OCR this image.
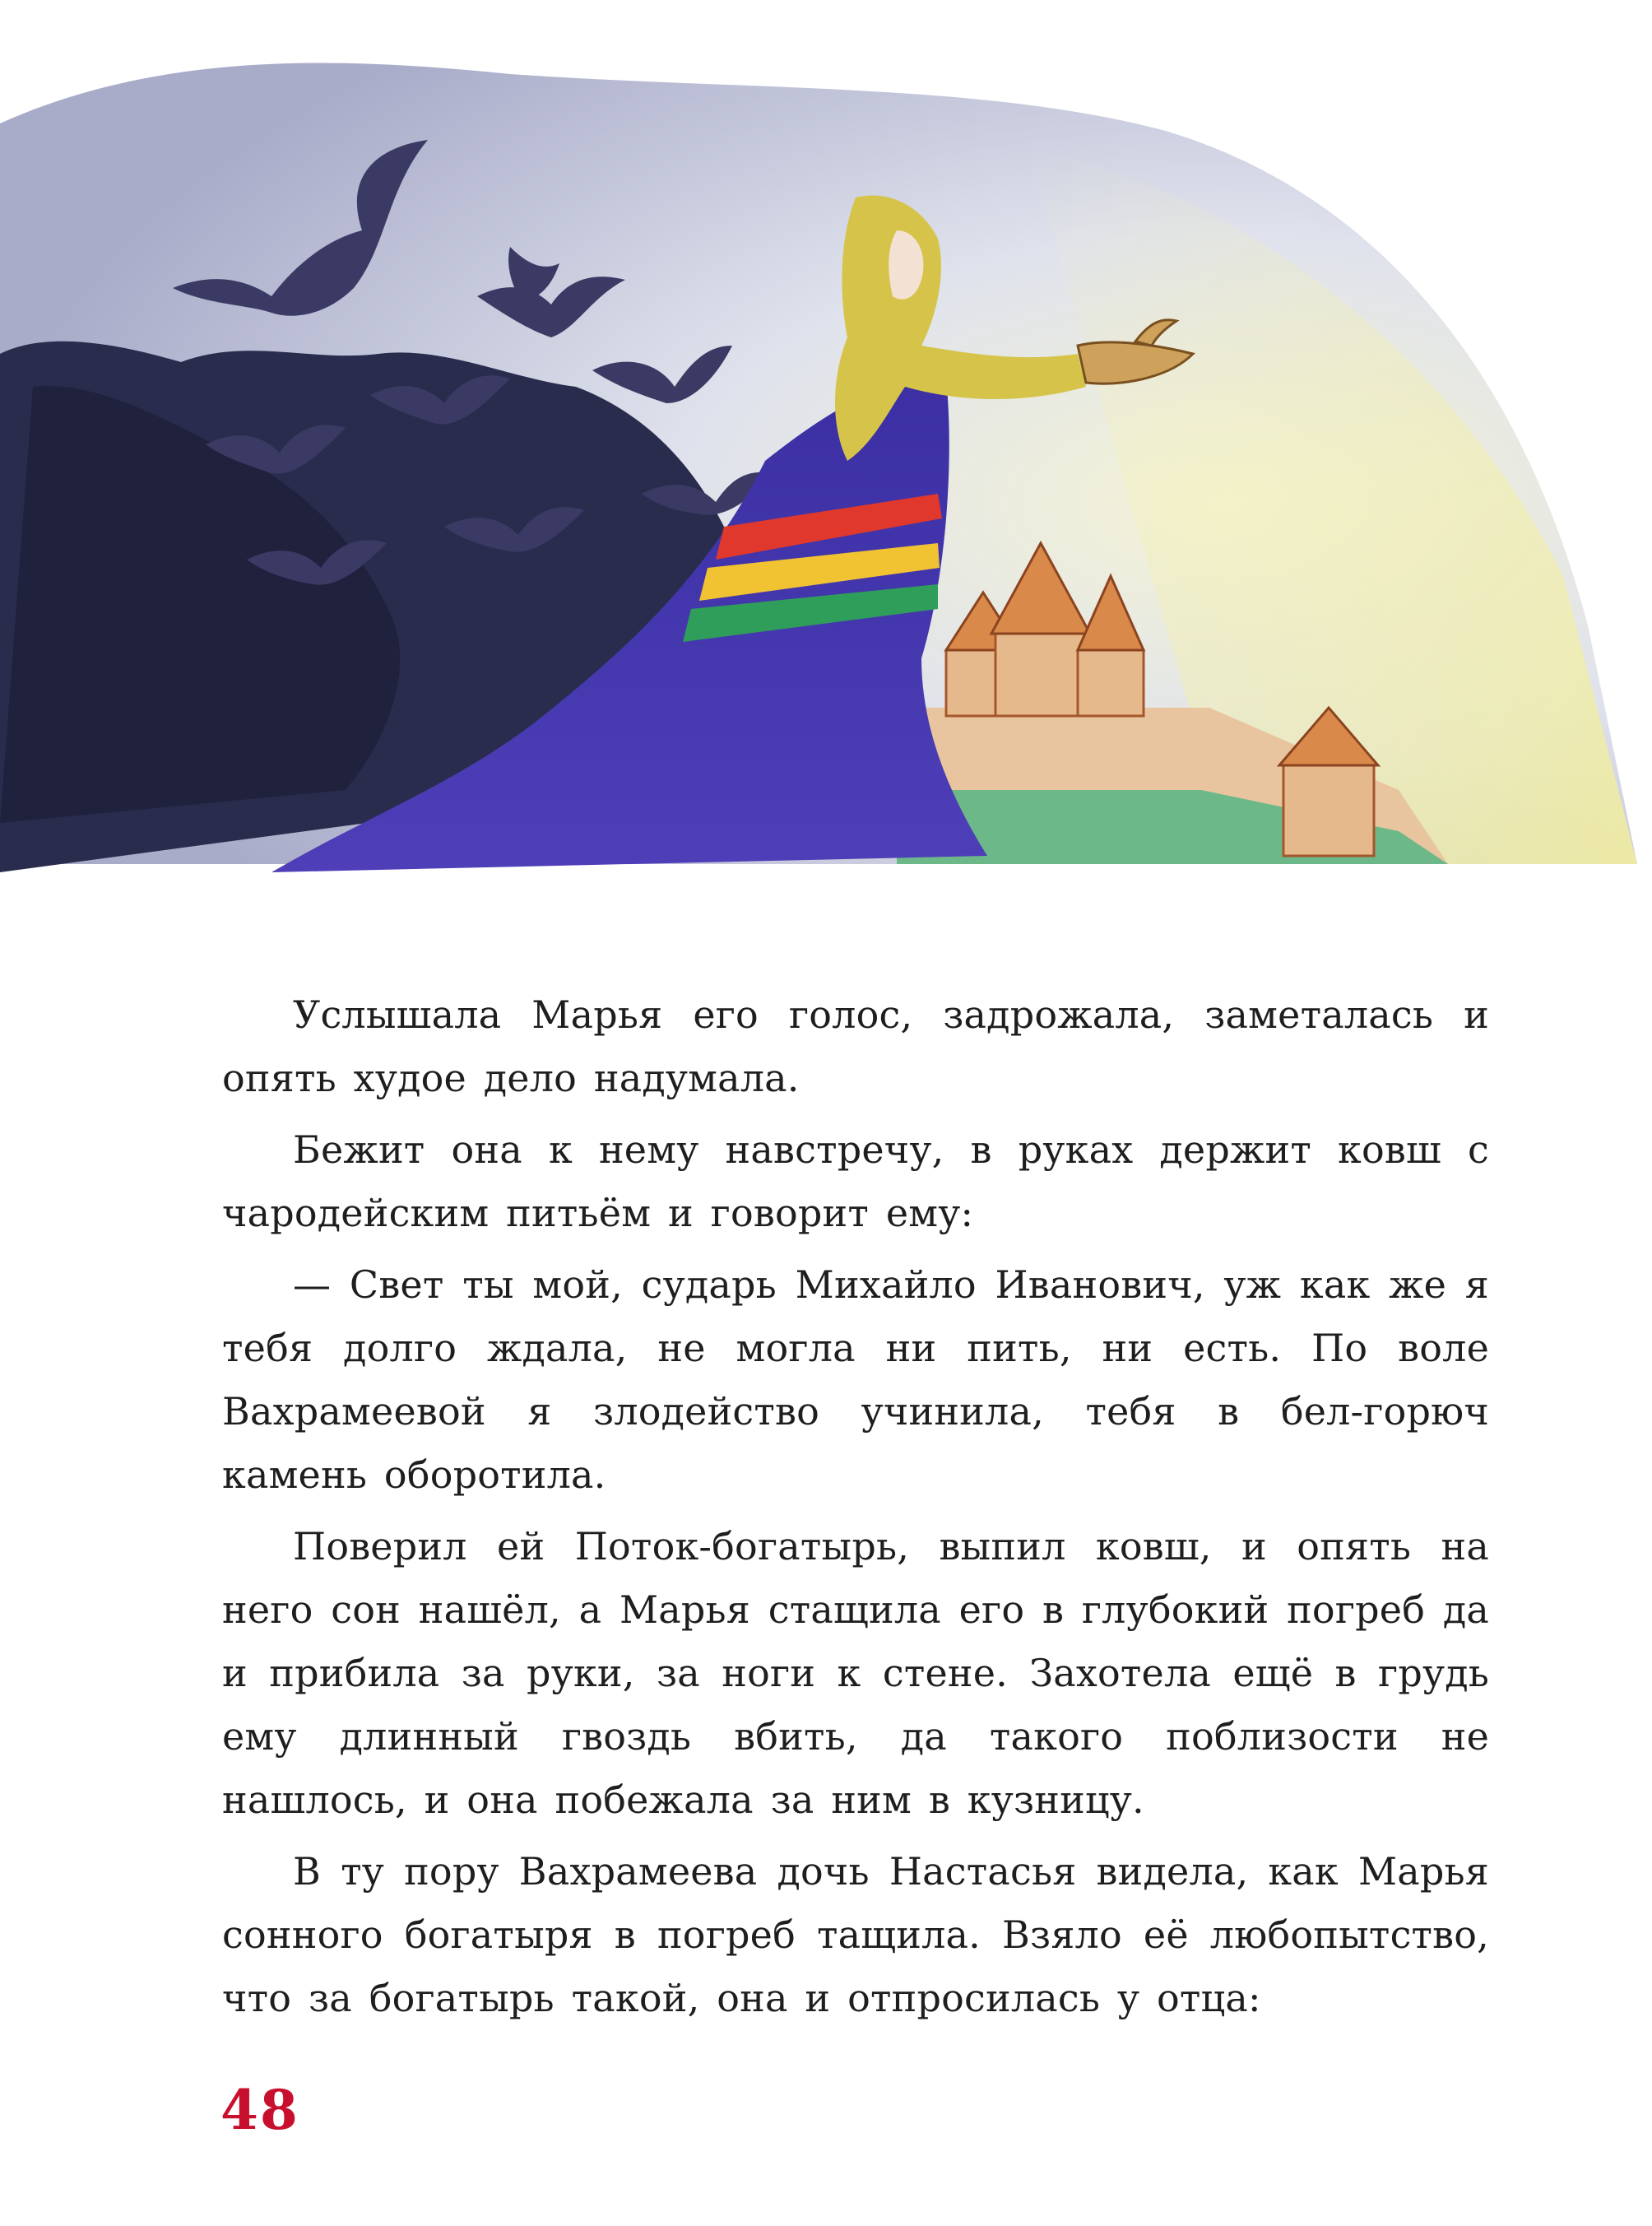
Услышала Марья его голос, задрожала, заметалась и опять худое дело надумала.

Бежит она к нему навстречу, в руках держит ковш с чародейским питьём и говорит ему:

— Свет ты мой, сударь Михайло Иванович, уж как же я тебя долго ждала, не могла ни пить, ни есть. По воле Вахрамеевой я злодейство учинила, тебя в бел-горюч камень оборотила.

Поверил ей Поток-богатырь, выпил ковш, и опять на него сон нашёл, а Марья стащила его в глубокий погреб да и прибила за руки, за ноги к стене. Захотела ещё в грудь ему длинный гвоздь вбить, да такого поблизости не нашлось, и она побежала за ним в кузницу.

В ту пору Вахрамеева дочь Настасья видела, как Марья сонного богатыря в погреб тащила. Взяло её любопытство, что за богатырь такой, она и отпросилась у отца:

48
